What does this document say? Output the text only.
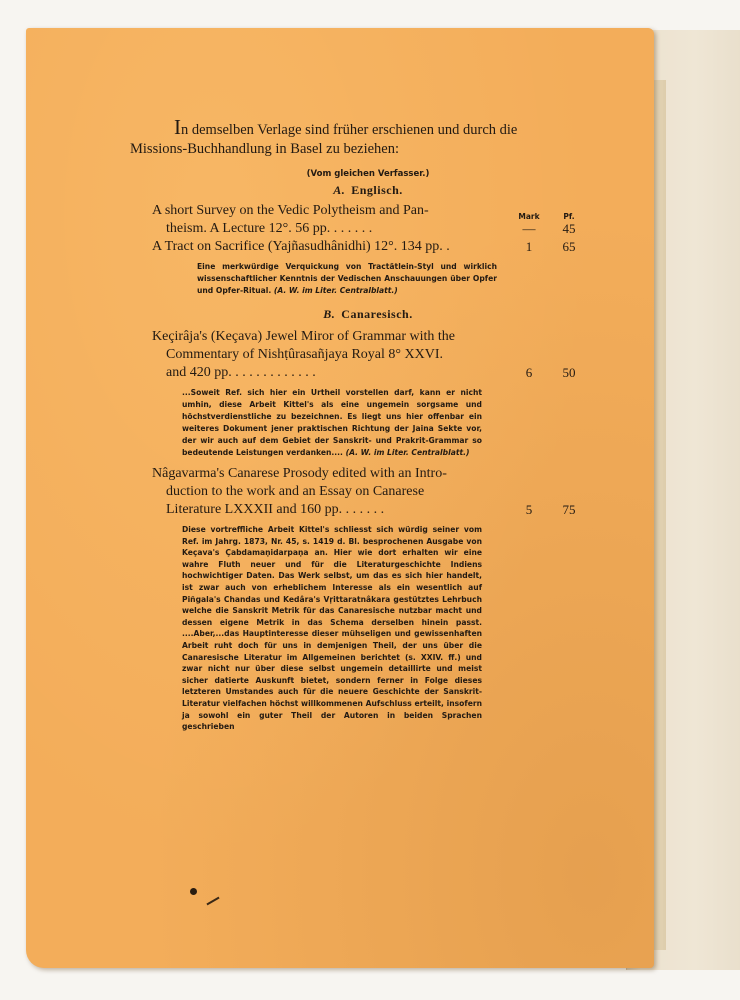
In demselben Verlage sind früher erschienen und durch die
Missions-Buchhandlung in Basel zu beziehen:

(Vom gleichen Verfasser.)
A. Englisch.
Mark	Pf.
A short Survey on the Vedic Polytheism and Pan-
theism. A Lecture 12°. 56 pp. . . . . . .	—	45
A Tract on Sacrifice (Yajñasudhânidhi) 12°. 134 pp. .	1	65
Eine merkwürdige Verquickung von Tractätlein-Styl und wirklich wissenschaftlicher Kenntnis der Vedischen Anschauungen über Opfer und Opfer-Ritual. (A. W. im Liter. Centralblatt.)
B. Canaresisch.
Keçirâja's (Keçava) Jewel Miror of Grammar with the
Commentary of Nishṭûrasañjaya Royal 8° XXVI.
and 420 pp. . . . . . . . . . . . .	6	50
...Soweit Ref. sich hier ein Urtheil vorstellen darf, kann er nicht umhin, diese Arbeit Kittel's als eine ungemein sorgsame und höchstverdienstliche zu bezeichnen. Es liegt uns hier offenbar ein weiteres Dokument jener praktischen Richtung der Jaina Sekte vor, der wir auch auf dem Gebiet der Sanskrit- und Prakrit-Grammar so bedeutende Leistungen verdanken.... (A. W. im Liter. Centralblatt.)
Nâgavarma's Canarese Prosody edited with an Intro-
duction to the work and an Essay on Canarese
Literature LXXXII and 160 pp. . . . . . .	5	75
Diese vortreffliche Arbeit Kittel's schliesst sich würdig seiner vom Ref. im Jahrg. 1873, Nr. 45, s. 1419 d. Bl. besprochenen Ausgabe von Keçava's Çabdamaṇidarpaṇa an. Hier wie dort erhalten wir eine wahre Fluth neuer und für die Literaturgeschichte Indiens hochwichtiger Daten. Das Werk selbst, um das es sich hier handelt, ist zwar auch von erheblichem Interesse als ein wesentlich auf Piñgala's Chandas und Kedâra's Vṛittaratnâkara gestütztes Lehrbuch welche die Sanskrit Metrik für das Canaresische nutzbar macht und dessen eigene Metrik in das Schema derselben hinein passt. ....Aber,...das Hauptinteresse dieser mühseligen und gewissenhaften Arbeit ruht doch für uns in demjenigen Theil, der uns über die Canaresische Literatur im Allgemeinen berichtet (s. XXIV. ff.) und zwar nicht nur über diese selbst ungemein detaillirte und meist sicher datierte Auskunft bietet, sondern ferner in Folge dieses letzteren Umstandes auch für die neuere Geschichte der Sanskrit-Literatur vielfachen höchst willkommenen Aufschluss erteilt, insofern ja sowohl ein guter Theil der Autoren in beiden Sprachen geschrieben
